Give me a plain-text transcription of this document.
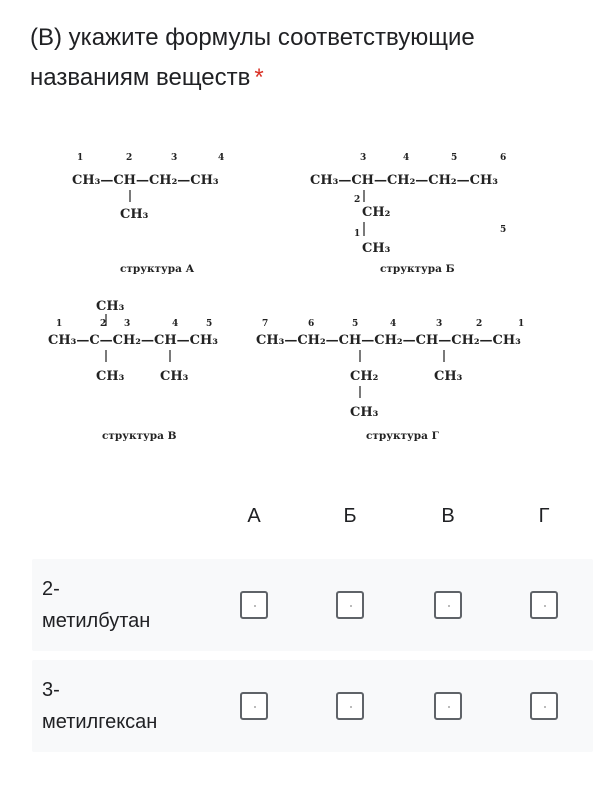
(В) укажите формулы соответствующие названиям веществ *
1	2	3	4
CH₃—CH—CH₂—CH₃
CH₃
структура А
3	4	5	6
CH₃—CH—CH₂—CH₂—CH₃
2
CH₂
1
CH₃
5
структура Б
CH₃
1	2 3	4	5
CH₃—C—CH₂—CH—CH₃
CH₃	CH₃
структура В
7	6	5	4	3	2	1
CH₃—CH₂—CH—CH₂—CH—CH₂—CH₃
CH₂
CH₃
CH₃
структура Г
А	Б	В	Г
2-
метилбутан
3-
метилгексан
